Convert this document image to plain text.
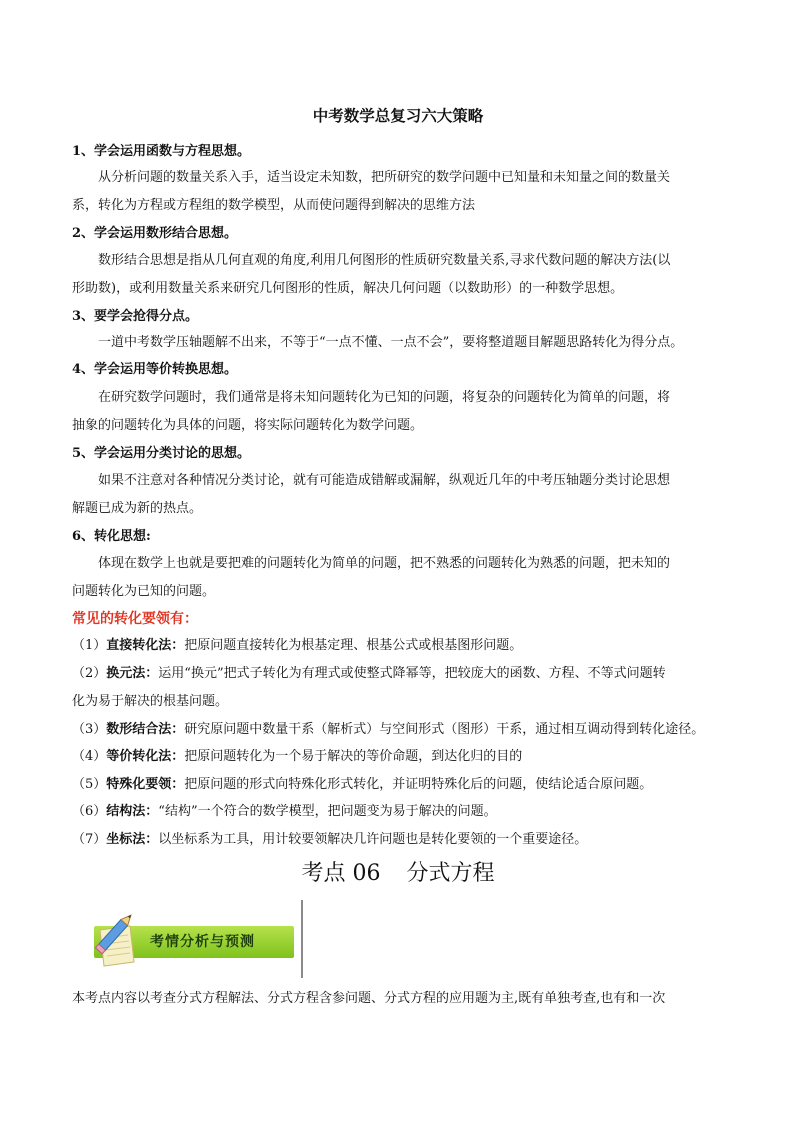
中考数学总复习六大策略
1、学会运用函数与方程思想。
从分析问题的数量关系入手，适当设定未知数，把所研究的数学问题中已知量和未知量之间的数量关
系，转化为方程或方程组的数学模型，从而使问题得到解决的思维方法
2、学会运用数形结合思想。
数形结合思想是指从几何直观的角度,利用几何图形的性质研究数量关系,寻求代数问题的解决方法(以
形助数)，或利用数量关系来研究几何图形的性质，解决几何问题（以数助形）的一种数学思想。
3、要学会抢得分点。
一道中考数学压轴题解不出来，不等于“一点不懂、一点不会”，要将整道题目解题思路转化为得分点。
4、学会运用等价转换思想。
在研究数学问题时，我们通常是将未知问题转化为已知的问题，将复杂的问题转化为简单的问题，将
抽象的问题转化为具体的问题，将实际问题转化为数学问题。
5、学会运用分类讨论的思想。
如果不注意对各种情况分类讨论，就有可能造成错解或漏解，纵观近几年的中考压轴题分类讨论思想
解题已成为新的热点。
6、转化思想:
体现在数学上也就是要把难的问题转化为简单的问题，把不熟悉的问题转化为熟悉的问题，把未知的
问题转化为已知的问题。
常见的转化要领有：
（1）直接转化法：把原问题直接转化为根基定理、根基公式或根基图形问题。
（2）换元法：运用“换元”把式子转化为有理式或使整式降幂等，把较庞大的函数、方程、不等式问题转
化为易于解决的根基问题。
（3）数形结合法：研究原问题中数量干系（解析式）与空间形式（图形）干系，通过相互调动得到转化途径。
（4）等价转化法：把原问题转化为一个易于解决的等价命题，到达化归的目的
（5）特殊化要领：把原问题的形式向特殊化形式转化，并证明特殊化后的问题，使结论适合原问题。
（6）结构法：“结构”一个符合的数学模型，把问题变为易于解决的问题。
（7）坐标法：以坐标系为工具，用计较要领解决几许问题也是转化要领的一个重要途径。
考点 06 分式方程
考情分析与预测
本考点内容以考查分式方程解法、分式方程含参问题、分式方程的应用题为主,既有单独考查,也有和一次
